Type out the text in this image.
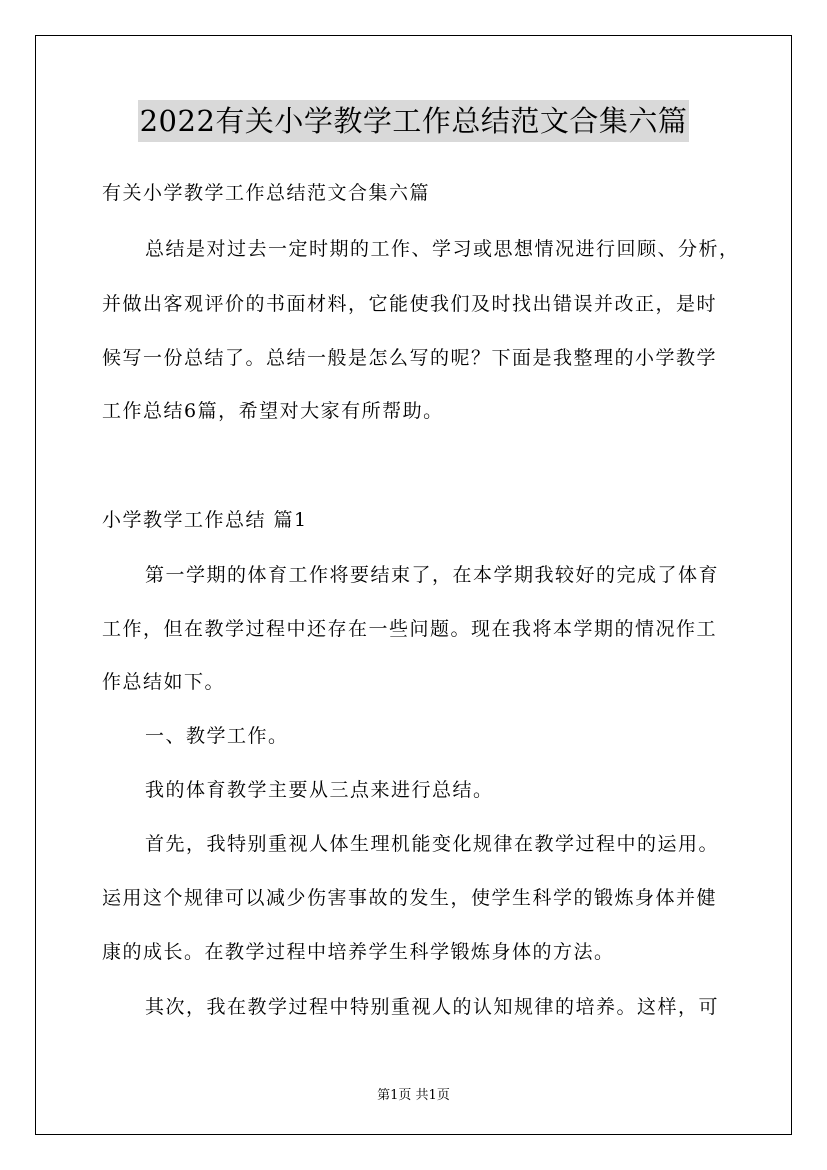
2022有关小学教学工作总结范文合集六篇
有关小学教学工作总结范文合集六篇
总结是对过去一定时期的工作、学习或思想情况进行回顾、分析，
并做出客观评价的书面材料，它能使我们及时找出错误并改正，是时
候写一份总结了。总结一般是怎么写的呢？下面是我整理的小学教学
工作总结6篇，希望对大家有所帮助。
小学教学工作总结 篇1
第一学期的体育工作将要结束了，在本学期我较好的完成了体育
工作，但在教学过程中还存在一些问题。现在我将本学期的情况作工
作总结如下。
一、教学工作。
我的体育教学主要从三点来进行总结。
首先，我特别重视人体生理机能变化规律在教学过程中的运用。
运用这个规律可以减少伤害事故的发生，使学生科学的锻炼身体并健
康的成长。在教学过程中培养学生科学锻炼身体的方法。
其次，我在教学过程中特别重视人的认知规律的培养。这样，可
第1页 共1页
